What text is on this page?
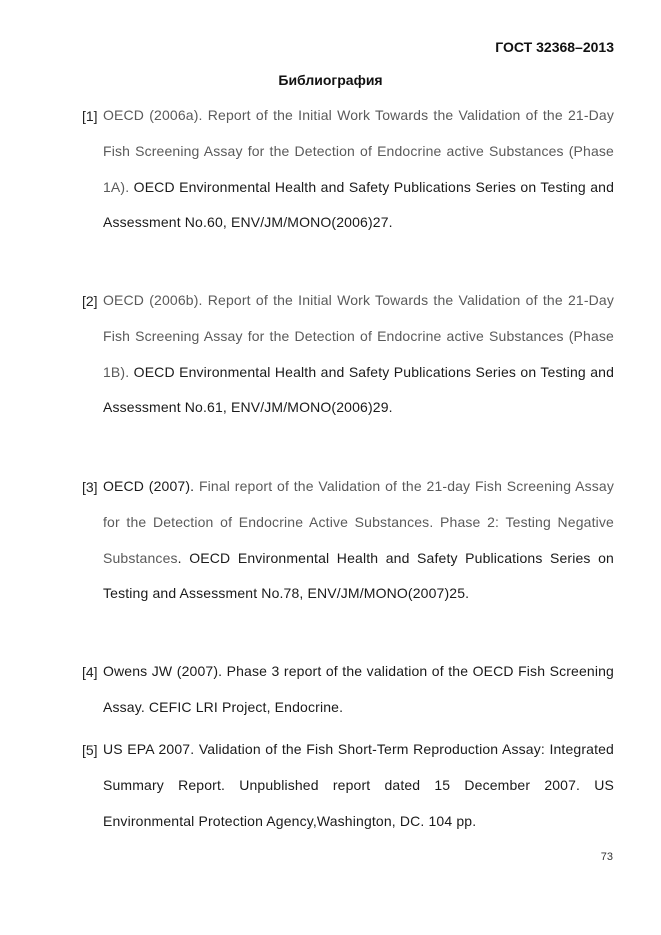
ГОСТ 32368–2013
Библиография
[1] OECD (2006a). Report of the Initial Work Towards the Validation of the 21-Day Fish Screening Assay for the Detection of Endocrine active Substances (Phase 1A). OECD Environmental Health and Safety Publications Series on Testing and Assessment No.60, ENV/JM/MONO(2006)27.
[2] OECD (2006b). Report of the Initial Work Towards the Validation of the 21-Day Fish Screening Assay for the Detection of Endocrine active Substances (Phase 1B). OECD Environmental Health and Safety Publications Series on Testing and Assessment No.61, ENV/JM/MONO(2006)29.
[3] OECD (2007). Final report of the Validation of the 21-day Fish Screening Assay for the Detection of Endocrine Active Substances. Phase 2: Testing Negative Substances. OECD Environmental Health and Safety Publications Series on Testing and Assessment No.78, ENV/JM/MONO(2007)25.
[4] Owens JW (2007). Phase 3 report of the validation of the OECD Fish Screening Assay. CEFIC LRI Project, Endocrine.
[5] US EPA 2007. Validation of the Fish Short-Term Reproduction Assay: Integrated Summary Report. Unpublished report dated 15 December 2007. US Environmental Protection Agency,Washington, DC. 104 pp.
73
